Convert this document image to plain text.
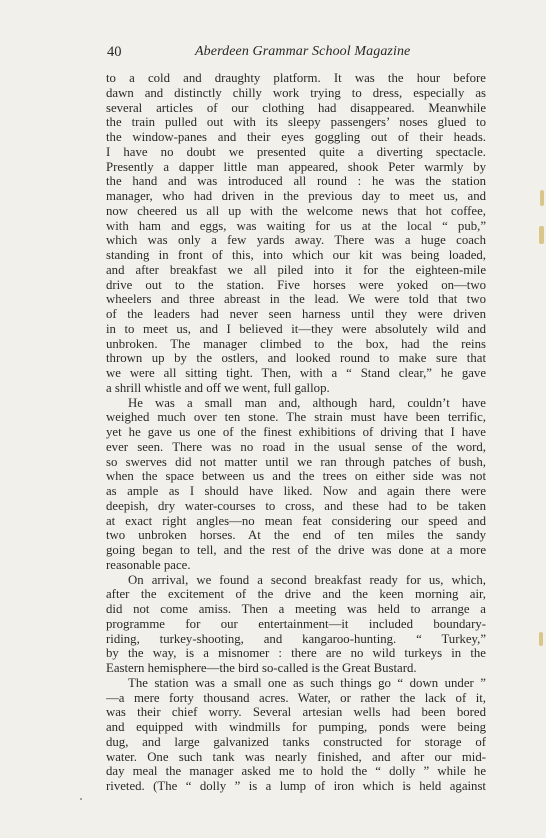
40	Aberdeen Grammar School Magazine

to a cold and draughty platform. It was the hour before

dawn and distinctly chilly work trying to dress, especially as

several articles of our clothing had disappeared. Meanwhile

the train pulled out with its sleepy passengers’ noses glued to

the window-panes and their eyes goggling out of their heads.

I have no doubt we presented quite a diverting spectacle.

Presently a dapper little man appeared, shook Peter warmly by

the hand and was introduced all round : he was the station

manager, who had driven in the previous day to meet us, and

now cheered us all up with the welcome news that hot coffee,

with ham and eggs, was waiting for us at the local “ pub,”

which was only a few yards away. There was a huge coach

standing in front of this, into which our kit was being loaded,

and after breakfast we all piled into it for the eighteen-mile

drive out to the station. Five horses were yoked on—two

wheelers and three abreast in the lead. We were told that two

of the leaders had never seen harness until they were driven

in to meet us, and I believed it—they were absolutely wild and

unbroken. The manager climbed to the box, had the reins

thrown up by the ostlers, and looked round to make sure that

we were all sitting tight. Then, with a “ Stand clear,” he gave

a shrill whistle and off we went, full gallop.

He was a small man and, although hard, couldn’t have

weighed much over ten stone. The strain must have been terrific,

yet he gave us one of the finest exhibitions of driving that I have

ever seen. There was no road in the usual sense of the word,

so swerves did not matter until we ran through patches of bush,

when the space between us and the trees on either side was not

as ample as I should have liked. Now and again there were

deepish, dry water-courses to cross, and these had to be taken

at exact right angles—no mean feat considering our speed and

two unbroken horses. At the end of ten miles the sandy

going began to tell, and the rest of the drive was done at a more

reasonable pace.

On arrival, we found a second breakfast ready for us, which,

after the excitement of the drive and the keen morning air,

did not come amiss. Then a meeting was held to arrange a

programme for our entertainment—it included boundary-

riding, turkey-shooting, and kangaroo-hunting. “ Turkey,”

by the way, is a misnomer : there are no wild turkeys in the

Eastern hemisphere—the bird so-called is the Great Bustard.

The station was a small one as such things go “ down under ”

—a mere forty thousand acres. Water, or rather the lack of it,

was their chief worry. Several artesian wells had been bored

and equipped with windmills for pumping, ponds were being

dug, and large galvanized tanks constructed for storage of

water. One such tank was nearly finished, and after our mid-

day meal the manager asked me to hold the “ dolly ” while he

riveted. (The “ dolly ” is a lump of iron which is held against
